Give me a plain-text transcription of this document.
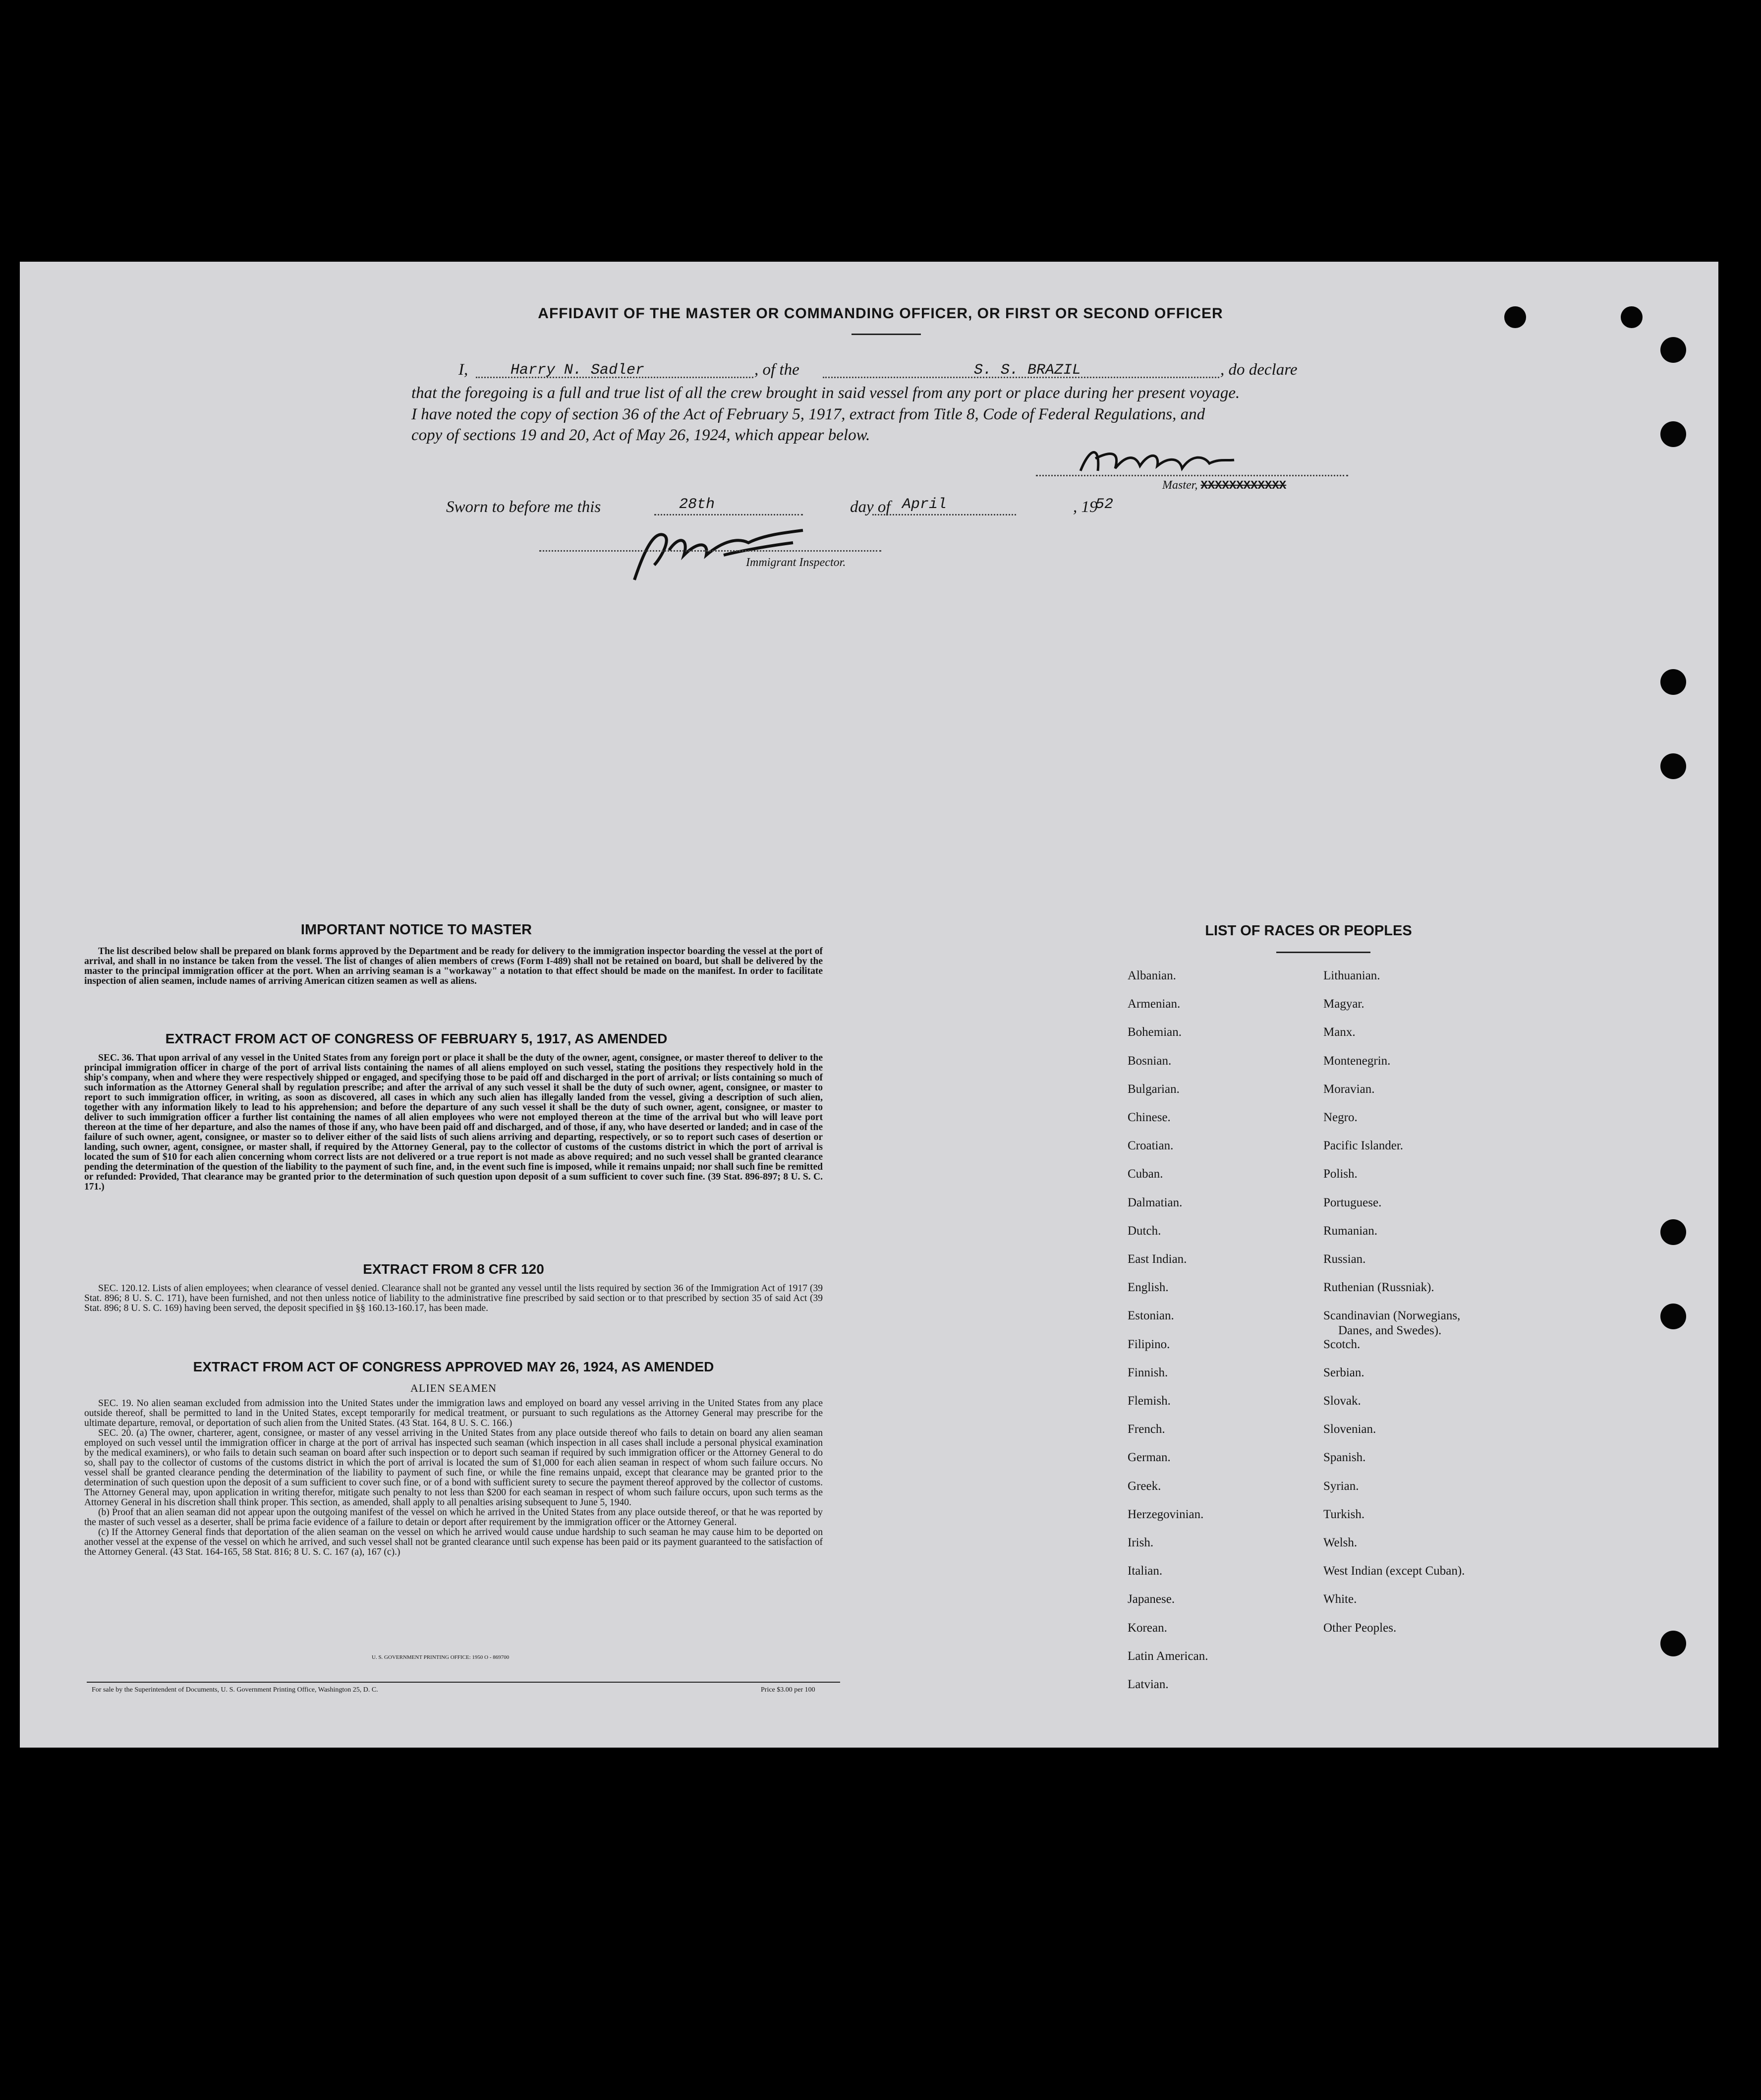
AFFIDAVIT OF THE MASTER OR COMMANDING OFFICER, OR FIRST OR SECOND OFFICER
I,	Harry N. Sadler	, of the	S. S. BRAZIL	, do declare
that the foregoing is a full and true list of all the crew brought in said vessel from any port or place during her present voyage.
I have noted the copy of section 36 of the Act of February 5, 1917, extract from Title 8, Code of Federal Regulations, and
copy of sections 19 and 20, Act of May 26, 1924, which appear below.
Master, XXXXXXXXXXXX
Sworn to before me this	28th	day of April	, 19
52
Immigrant Inspector.
IMPORTANT NOTICE TO MASTER

The list described below shall be prepared on blank forms approved by the Department and be ready for delivery to the immigration inspector boarding the vessel at the port of arrival, and shall in no instance be taken from the vessel. The list of changes of alien members of crews (Form I-489) shall not be retained on board, but shall be delivered by the master to the principal immigration officer at the port. When an arriving seaman is a "workaway" a notation to that effect should be made on the manifest. In order to facilitate inspection of alien seamen, include names of arriving American citizen seamen as well as aliens.

EXTRACT FROM ACT OF CONGRESS OF FEBRUARY 5, 1917, AS AMENDED

SEC. 36. That upon arrival of any vessel in the United States from any foreign port or place it shall be the duty of the owner, agent, consignee, or master thereof to deliver to the principal immigration officer in charge of the port of arrival lists containing the names of all aliens employed on such vessel, stating the positions they respectively hold in the ship's company, when and where they were respectively shipped or engaged, and specifying those to be paid off and discharged in the port of arrival; or lists containing so much of such information as the Attorney General shall by regulation prescribe; and after the arrival of any such vessel it shall be the duty of such owner, agent, consignee, or master to report to such immigration officer, in writing, as soon as discovered, all cases in which any such alien has illegally landed from the vessel, giving a description of such alien, together with any information likely to lead to his apprehension; and before the departure of any such vessel it shall be the duty of such owner, agent, consignee, or master to deliver to such immigration officer a further list containing the names of all alien employees who were not employed thereon at the time of the arrival but who will leave port thereon at the time of her departure, and also the names of those if any, who have been paid off and discharged, and of those, if any, who have deserted or landed; and in case of the failure of such owner, agent, consignee, or master so to deliver either of the said lists of such aliens arriving and departing, respectively, or so to report such cases of desertion or landing, such owner, agent, consignee, or master shall, if required by the Attorney General, pay to the collector of customs of the customs district in which the port of arrival is located the sum of $10 for each alien concerning whom correct lists are not delivered or a true report is not made as above required; and no such vessel shall be granted clearance pending the determination of the question of the liability to the payment of such fine, and, in the event such fine is imposed, while it remains unpaid; nor shall such fine be remitted or refunded: Provided, That clearance may be granted prior to the determination of such question upon deposit of a sum sufficient to cover such fine. (39 Stat. 896-897; 8 U. S. C. 171.)

EXTRACT FROM 8 CFR 120

SEC. 120.12. Lists of alien employees; when clearance of vessel denied. Clearance shall not be granted any vessel until the lists required by section 36 of the Immigration Act of 1917 (39 Stat. 896; 8 U. S. C. 171), have been furnished, and not then unless notice of liability to the administrative fine prescribed by said section or to that prescribed by section 35 of said Act (39 Stat. 896; 8 U. S. C. 169) having been served, the deposit specified in §§ 160.13-160.17, has been made.

EXTRACT FROM ACT OF CONGRESS APPROVED MAY 26, 1924, AS AMENDED
ALIEN SEAMEN

SEC. 19. No alien seaman excluded from admission into the United States under the immigration laws and employed on board any vessel arriving in the United States from any place outside thereof, shall be permitted to land in the United States, except temporarily for medical treatment, or pursuant to such regulations as the Attorney General may prescribe for the ultimate departure, removal, or deportation of such alien from the United States. (43 Stat. 164, 8 U. S. C. 166.)

SEC. 20. (a) The owner, charterer, agent, consignee, or master of any vessel arriving in the United States from any place outside thereof who fails to detain on board any alien seaman employed on such vessel until the immigration officer in charge at the port of arrival has inspected such seaman (which inspection in all cases shall include a personal physical examination by the medical examiners), or who fails to detain such seaman on board after such inspection or to deport such seaman if required by such immigration officer or the Attorney General to do so, shall pay to the collector of customs of the customs district in which the port of arrival is located the sum of $1,000 for each alien seaman in respect of whom such failure occurs. No vessel shall be granted clearance pending the determination of the liability to payment of such fine, or while the fine remains unpaid, except that clearance may be granted prior to the determination of such question upon the deposit of a sum sufficient to cover such fine, or of a bond with sufficient surety to secure the payment thereof approved by the collector of customs. The Attorney General may, upon application in writing therefor, mitigate such penalty to not less than $200 for each seaman in respect of whom such failure occurs, upon such terms as the Attorney General in his discretion shall think proper. This section, as amended, shall apply to all penalties arising subsequent to June 5, 1940.

(b) Proof that an alien seaman did not appear upon the outgoing manifest of the vessel on which he arrived in the United States from any place outside thereof, or that he was reported by the master of such vessel as a deserter, shall be prima facie evidence of a failure to detain or deport after requirement by the immigration officer or the Attorney General.

(c) If the Attorney General finds that deportation of the alien seaman on the vessel on which he arrived would cause undue hardship to such seaman he may cause him to be deported on another vessel at the expense of the vessel on which he arrived, and such vessel shall not be granted clearance until such expense has been paid or its payment guaranteed to the satisfaction of the Attorney General. (43 Stat. 164-165, 58 Stat. 816; 8 U. S. C. 167 (a), 167 (c).)

U. S. GOVERNMENT PRINTING OFFICE: 1950 O - 869700
For sale by the Superintendent of Documents, U. S. Government Printing Office, Washington 25, D. C.	Price $3.00 per 100
LIST OF RACES OR PEOPLES
Albanian.
Armenian.
Bohemian.
Bosnian.
Bulgarian.
Chinese.
Croatian.
Cuban.
Dalmatian.
Dutch.
East Indian.
English.
Estonian.
Filipino.
Finnish.
Flemish.
French.
German.
Greek.
Herzegovinian.
Irish.
Italian.
Japanese.
Korean.
Latin American.
Latvian.
Lithuanian.
Magyar.
Manx.
Montenegrin.
Moravian.
Negro.
Pacific Islander.
Polish.
Portuguese.
Rumanian.
Russian.
Ruthenian (Russniak).
Scandinavian (Norwegians,
Danes, and Swedes).
Scotch.
Serbian.
Slovak.
Slovenian.
Spanish.
Syrian.
Turkish.
Welsh.
West Indian (except Cuban).
White.
Other Peoples.
